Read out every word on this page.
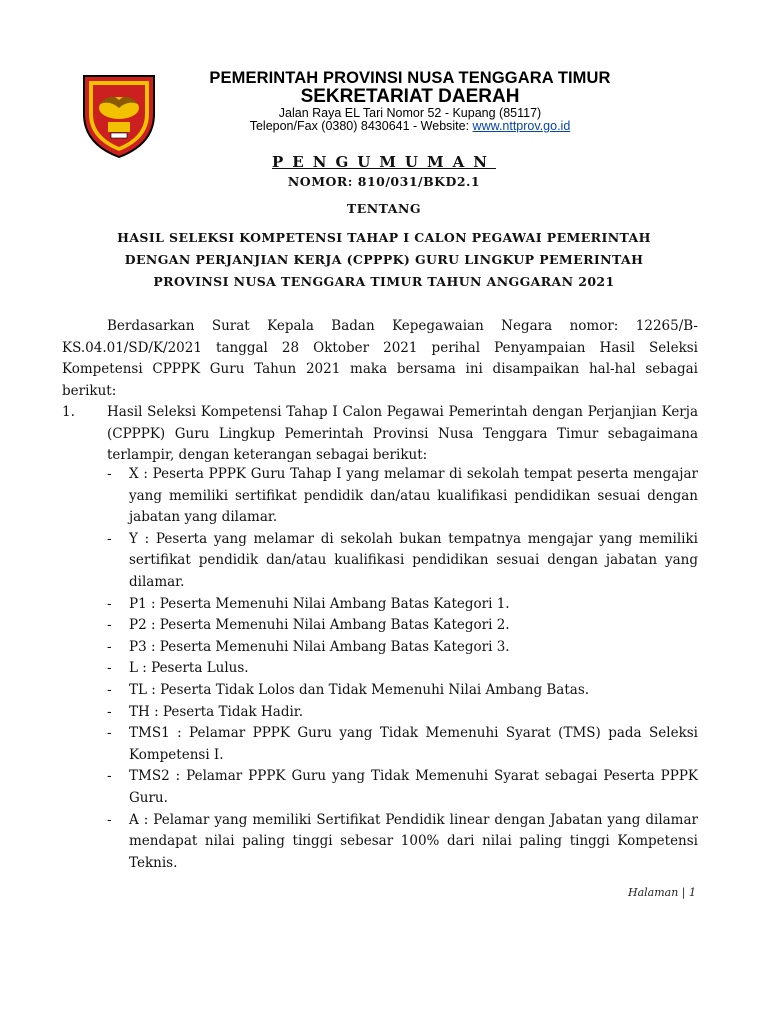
PEMERINTAH PROVINSI NUSA TENGGARA TIMUR
SEKRETARIAT DAERAH
Jalan Raya EL Tari Nomor 52 - Kupang (85117)
Telepon/Fax (0380) 8430641 - Website: www.nttprov.go.id
PENGUMUMAN
NOMOR: 810/031/BKD2.1
TENTANG
HASIL SELEKSI KOMPETENSI TAHAP I CALON PEGAWAI PEMERINTAH
DENGAN PERJANJIAN KERJA (CPPPK) GURU LINGKUP PEMERINTAH
PROVINSI NUSA TENGGARA TIMUR TAHUN ANGGARAN 2021

Berdasarkan Surat Kepala Badan Kepegawaian Negara nomor: 12265/B-KS.04.01/SD/K/2021 tanggal 28 Oktober 2021 perihal Penyampaian Hasil Seleksi Kompetensi CPPPK Guru Tahun 2021 maka bersama ini disampaikan hal-hal sebagai berikut:

1. Hasil Seleksi Kompetensi Tahap I Calon Pegawai Pemerintah dengan Perjanjian Kerja (CPPPK) Guru Lingkup Pemerintah Provinsi Nusa Tenggara Timur sebagaimana terlampir, dengan keterangan sebagai berikut:
- X : Peserta PPPK Guru Tahap I yang melamar di sekolah tempat peserta mengajar yang memiliki sertifikat pendidik dan/atau kualifikasi pendidikan sesuai dengan jabatan yang dilamar.
- Y : Peserta yang melamar di sekolah bukan tempatnya mengajar yang memiliki sertifikat pendidik dan/atau kualifikasi pendidikan sesuai dengan jabatan yang dilamar.
- P1 : Peserta Memenuhi Nilai Ambang Batas Kategori 1.
- P2 : Peserta Memenuhi Nilai Ambang Batas Kategori 2.
- P3 : Peserta Memenuhi Nilai Ambang Batas Kategori 3.
- L : Peserta Lulus.
- TL : Peserta Tidak Lolos dan Tidak Memenuhi Nilai Ambang Batas.
- TH : Peserta Tidak Hadir.
- TMS1 : Pelamar PPPK Guru yang Tidak Memenuhi Syarat (TMS) pada Seleksi Kompetensi I.
- TMS2 : Pelamar PPPK Guru yang Tidak Memenuhi Syarat sebagai Peserta PPPK Guru.
- A : Pelamar yang memiliki Sertifikat Pendidik linear dengan Jabatan yang dilamar mendapat nilai paling tinggi sebesar 100% dari nilai paling tinggi Kompetensi Teknis.
Halaman | 1
